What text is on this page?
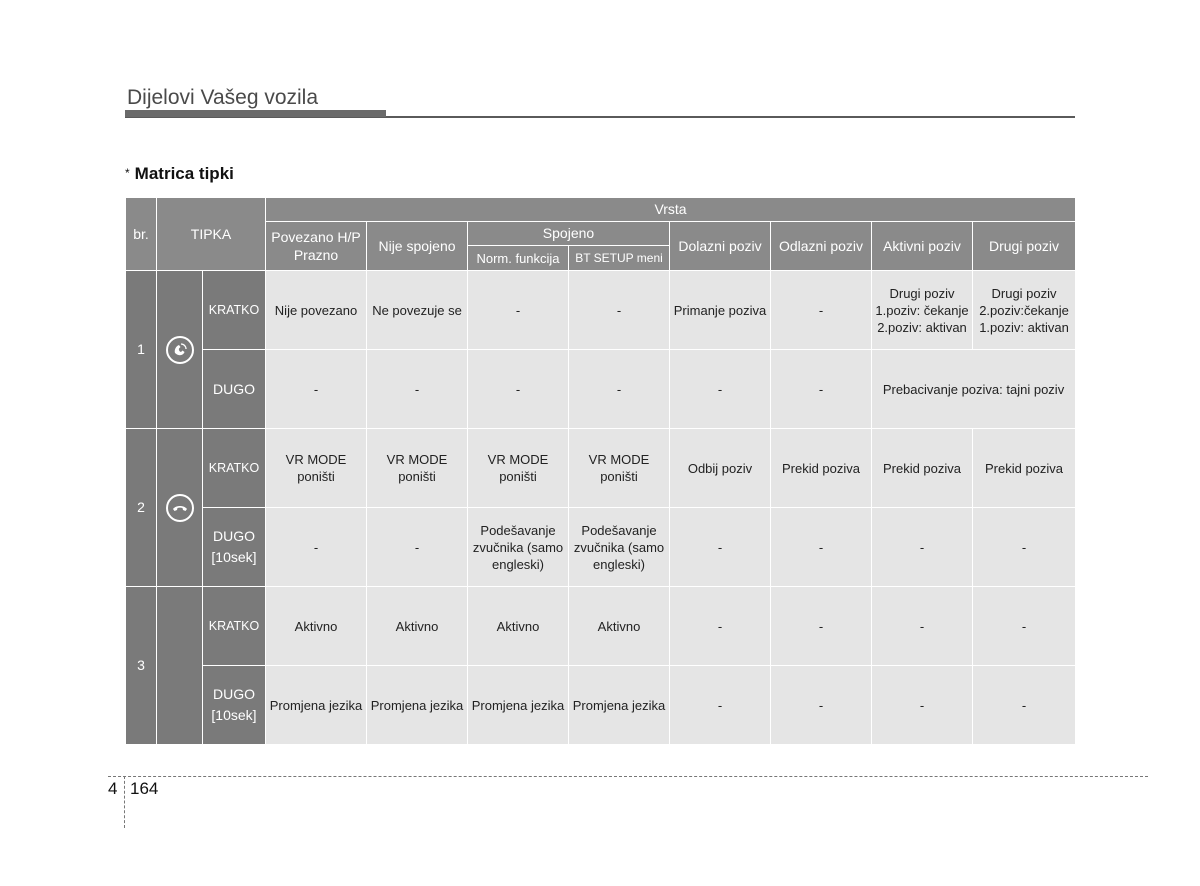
Dijelovi Vašeg vozila
* Matrica tipki
br.	TIPKA		Vrsta							
			Povezano H/P Prazno	Nije spojeno	Spojeno		Dolazni poziv	Odlazni poziv	Aktivni poziv	Drugi poziv
					Norm. funkcija	BT SETUP meni				
1		KRATKO	Nije povezano	Ne povezuje se	-	-	Primanje poziva	-	Drugi poziv 1.poziv: čekanje 2.poziv: aktivan	Drugi poziv 2.poziv:čekanje 1.poziv: aktivan
		DUGO	-	-	-	-	-	-	Prebacivanje poziva: tajni poziv	
2		KRATKO	VR MODE poništi	VR MODE poništi	VR MODE poništi	VR MODE poništi	Odbij poziv	Prekid poziva	Prekid poziva	Prekid poziva
		DUGO [10sek]	-	-	Podešavanje zvučnika (samo engleski)	Podešavanje zvučnika (samo engleski)	-	-	-	-
3		KRATKO	Aktivno	Aktivno	Aktivno	Aktivno	-	-	-	-
		DUGO [10sek]	Promjena jezika	Promjena jezika	Promjena jezika	Promjena jezika	-	-	-	-
4 164
